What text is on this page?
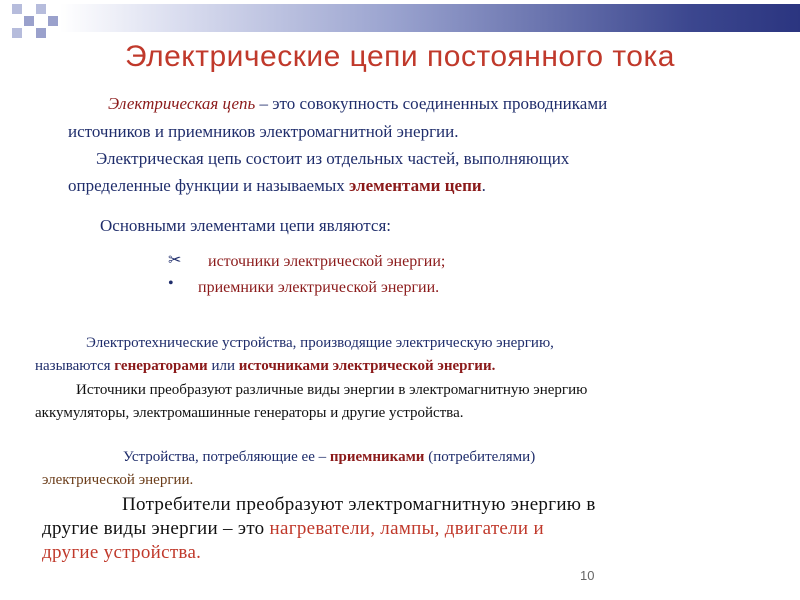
Электрические цепи постоянного тока
Электрическая цепь – это совокупность соединенных проводниками
источников и приемников электромагнитной энергии.
Электрическая цепь состоит из отдельных частей, выполняющих
определенные функции и называемых элементами цепи.
Основными элементами цепи являются:
✂ источники электрической энергии;
• приемники электрической энергии.
Электротехнические устройства, производящие электрическую энергию,
называются генераторами или источниками электрической энергии.
Источники преобразуют различные виды энергии в электромагнитную энергию
аккумуляторы, электромашинные генераторы и другие устройства.
Устройства, потребляющие ее – приемниками (потребителями)
электрической энергии.
Потребители преобразуют электромагнитную энергию в
другие виды энергии – это нагреватели, лампы, двигатели и
другие устройства.
10
